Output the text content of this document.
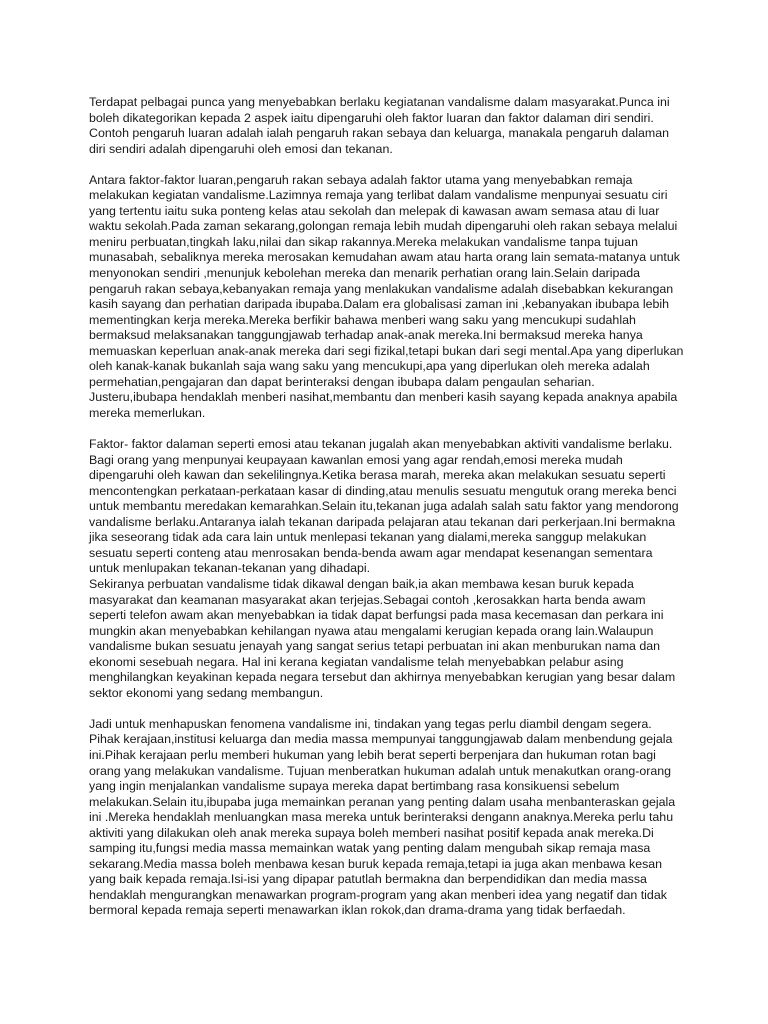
Terdapat pelbagai punca yang menyebabkan berlaku kegiatanan vandalisme dalam masyarakat.Punca ini boleh dikategorikan kepada 2 aspek iaitu dipengaruhi oleh faktor luaran dan faktor dalaman diri sendiri. Contoh pengaruh luaran adalah ialah pengaruh rakan sebaya dan keluarga, manakala pengaruh dalaman diri sendiri adalah dipengaruhi oleh emosi dan tekanan.

Antara faktor-faktor luaran,pengaruh rakan sebaya adalah faktor utama yang menyebabkan remaja melakukan kegiatan vandalisme.Lazimnya remaja yang terlibat dalam vandalisme menpunyai sesuatu ciri yang tertentu iaitu suka ponteng kelas atau sekolah dan melepak di kawasan awam semasa atau di luar waktu sekolah.Pada zaman sekarang,golongan remaja lebih mudah dipengaruhi oleh rakan sebaya melalui meniru perbuatan,tingkah laku,nilai dan sikap rakannya.Mereka melakukan vandalisme tanpa tujuan munasabah, sebaliknya mereka merosakan kemudahan awam atau harta orang lain semata-matanya untuk menyonokan sendiri ,menunjuk kebolehan mereka dan menarik perhatian orang lain.Selain daripada pengaruh rakan sebaya,kebanyakan remaja yang menlakukan vandalisme adalah disebabkan kekurangan kasih sayang dan perhatian daripada ibupaba.Dalam era globalisasi zaman ini ,kebanyakan ibubapa lebih mementingkan kerja mereka.Mereka berfikir bahawa menberi wang saku yang mencukupi sudahlah bermaksud melaksanakan tanggungjawab terhadap anak-anak mereka.Ini bermaksud mereka hanya memuaskan keperluan anak-anak mereka dari segi fizikal,tetapi bukan dari segi mental.Apa yang diperlukan oleh kanak-kanak bukanlah saja wang saku yang mencukupi,apa yang diperlukan oleh mereka adalah permehatian,pengajaran dan dapat berinteraksi dengan ibubapa dalam pengaulan seharian. Justeru,ibubapa hendaklah menberi nasihat,membantu dan menberi kasih sayang kepada anaknya apabila mereka memerlukan.

Faktor- faktor dalaman seperti emosi atau tekanan jugalah akan menyebabkan aktiviti vandalisme berlaku. Bagi orang yang menpunyai keupayaan kawanlan emosi yang agar rendah,emosi mereka mudah dipengaruhi oleh kawan dan sekelilingnya.Ketika berasa marah, mereka akan melakukan sesuatu seperti mencontengkan perkataan-perkataan kasar di dinding,atau menulis sesuatu mengutuk orang mereka benci untuk membantu meredakan kemarahkan.Selain itu,tekanan juga adalah salah satu faktor yang mendorong vandalisme berlaku.Antaranya ialah tekanan daripada pelajaran atau tekanan dari perkerjaan.Ini bermakna jika seseorang tidak ada cara lain untuk menlepasi tekanan yang dialami,mereka sanggup melakukan sesuatu seperti conteng atau menrosakan benda-benda awam agar mendapat kesenangan sementara untuk menlupakan tekanan-tekanan yang dihadapi.

Sekiranya perbuatan vandalisme tidak dikawal dengan baik,ia akan membawa kesan buruk kepada masyarakat dan keamanan masyarakat akan terjejas.Sebagai contoh ,kerosakkan harta benda awam seperti telefon awam akan menyebabkan ia tidak dapat berfungsi pada masa kecemasan dan perkara ini mungkin akan menyebabkan kehilangan nyawa atau mengalami kerugian kepada orang lain.Walaupun vandalisme bukan sesuatu jenayah yang sangat serius tetapi perbuatan ini akan menburukan nama dan ekonomi sesebuah negara. Hal ini kerana kegiatan vandalisme telah menyebabkan pelabur asing menghilangkan keyakinan kepada negara tersebut dan akhirnya menyebabkan kerugian yang besar dalam sektor ekonomi yang sedang membangun.

Jadi untuk menhapuskan fenomena vandalisme ini, tindakan yang tegas perlu diambil dengam segera. Pihak kerajaan,institusi keluarga dan media massa mempunyai tanggungjawab dalam menbendung gejala ini.Pihak kerajaan perlu memberi hukuman yang lebih berat seperti berpenjara dan hukuman rotan bagi orang yang melakukan vandalisme. Tujuan menberatkan hukuman adalah untuk menakutkan orang-orang yang ingin menjalankan vandalisme supaya mereka dapat bertimbang rasa konsikuensi sebelum melakukan.Selain itu,ibupaba juga memainkan peranan yang penting dalam usaha menbanteraskan gejala ini .Mereka hendaklah menluangkan masa mereka untuk berinteraksi dengann anaknya.Mereka perlu tahu aktiviti yang dilakukan oleh anak mereka supaya boleh memberi nasihat positif kepada anak mereka.Di samping itu,fungsi media massa memainkan watak yang penting dalam mengubah sikap remaja masa sekarang.Media massa boleh menbawa kesan buruk kepada remaja,tetapi ia juga akan menbawa kesan yang baik kepada remaja.Isi-isi yang dipapar patutlah bermakna dan berpendidikan dan media massa hendaklah mengurangkan menawarkan program-program yang akan menberi idea yang negatif dan tidak bermoral kepada remaja seperti menawarkan iklan rokok,dan drama-drama yang tidak berfaedah.
